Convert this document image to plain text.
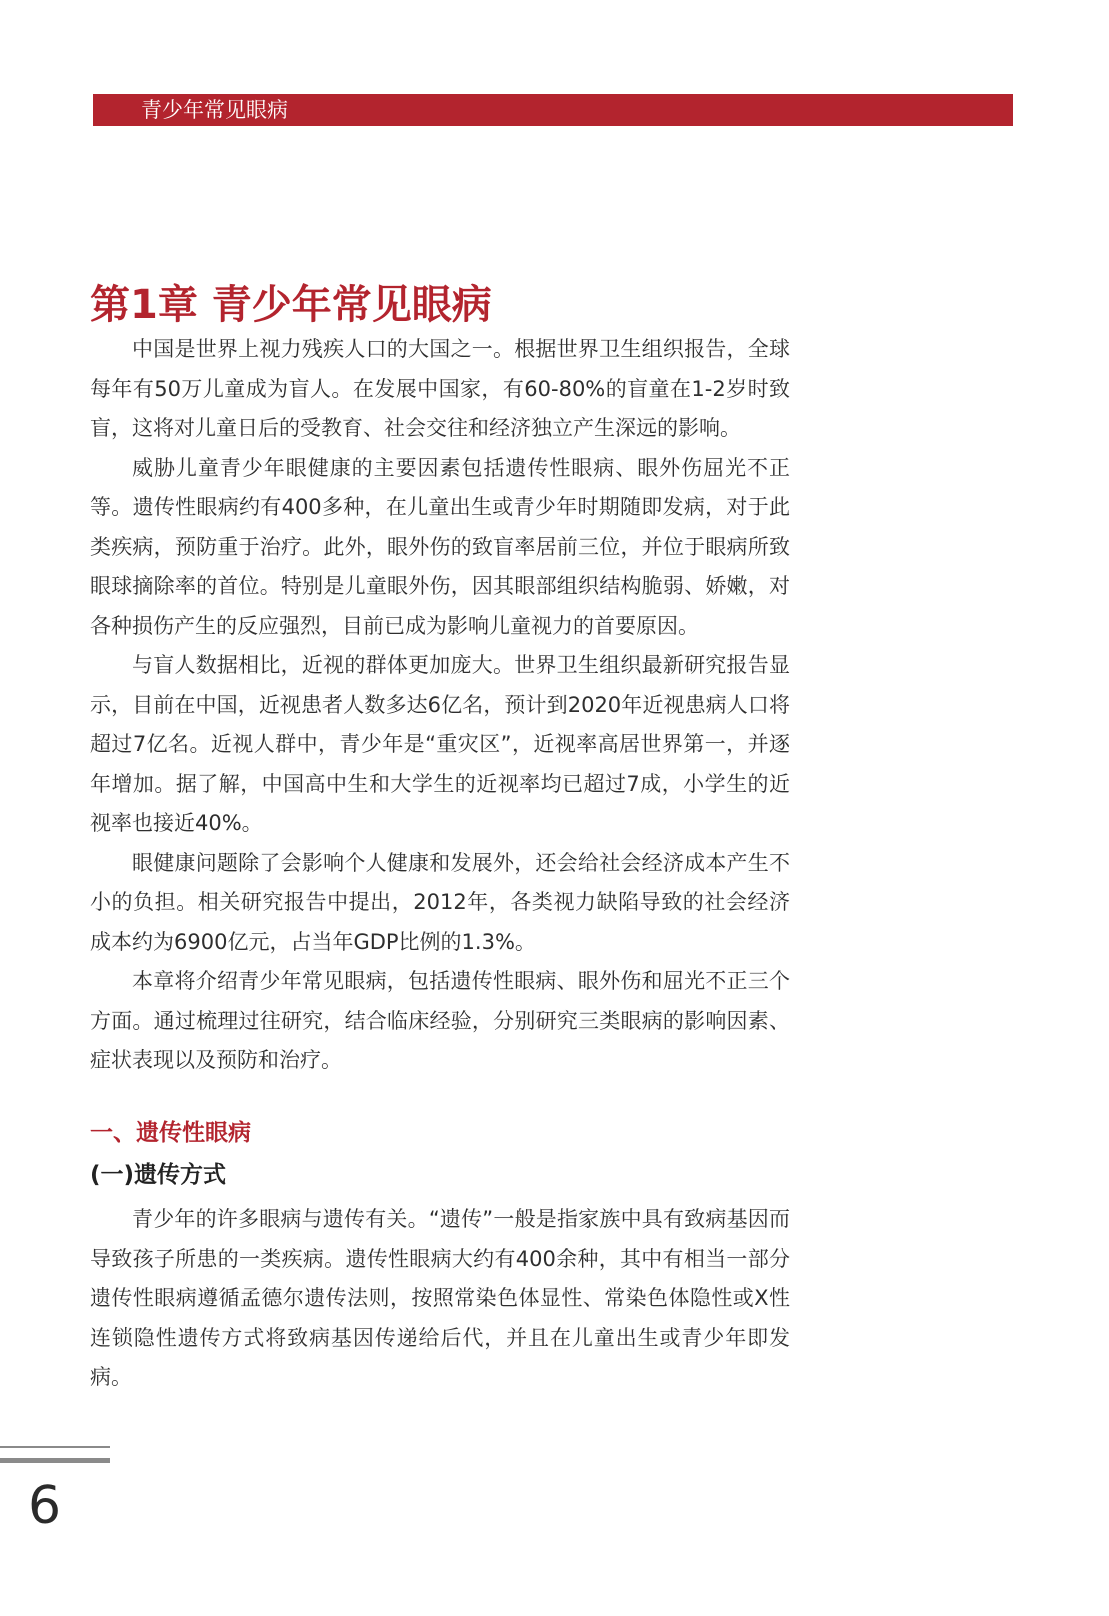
青少年常见眼病
第1章 青少年常见眼病

中国是世界上视力残疾人口的大国之一。根据世界卫生组织报告，全球每年有50万儿童成为盲人。在发展中国家，有60-80%的盲童在1-2岁时致盲，这将对儿童日后的受教育、社会交往和经济独立产生深远的影响。

威胁儿童青少年眼健康的主要因素包括遗传性眼病、眼外伤屈光不正等。遗传性眼病约有400多种，在儿童出生或青少年时期随即发病，对于此类疾病，预防重于治疗。此外，眼外伤的致盲率居前三位，并位于眼病所致眼球摘除率的首位。特别是儿童眼外伤，因其眼部组织结构脆弱、娇嫩，对各种损伤产生的反应强烈，目前已成为影响儿童视力的首要原因。

与盲人数据相比，近视的群体更加庞大。世界卫生组织最新研究报告显示，目前在中国，近视患者人数多达6亿名，预计到2020年近视患病人口将超过7亿名。近视人群中，青少年是“重灾区”，近视率高居世界第一，并逐年增加。据了解，中国高中生和大学生的近视率均已超过7成，小学生的近视率也接近40%。

眼健康问题除了会影响个人健康和发展外，还会给社会经济成本产生不小的负担。相关研究报告中提出，2012年，各类视力缺陷导致的社会经济成本约为6900亿元，占当年GDP比例的1.3%。

本章将介绍青少年常见眼病，包括遗传性眼病、眼外伤和屈光不正三个方面。通过梳理过往研究，结合临床经验，分别研究三类眼病的影响因素、症状表现以及预防和治疗。

一、遗传性眼病
(一)遗传方式

青少年的许多眼病与遗传有关。“遗传”一般是指家族中具有致病基因而导致孩子所患的一类疾病。遗传性眼病大约有400余种，其中有相当一部分遗传性眼病遵循孟德尔遗传法则，按照常染色体显性、常染色体隐性或X性连锁隐性遗传方式将致病基因传递给后代，并且在儿童出生或青少年即发病。

6
